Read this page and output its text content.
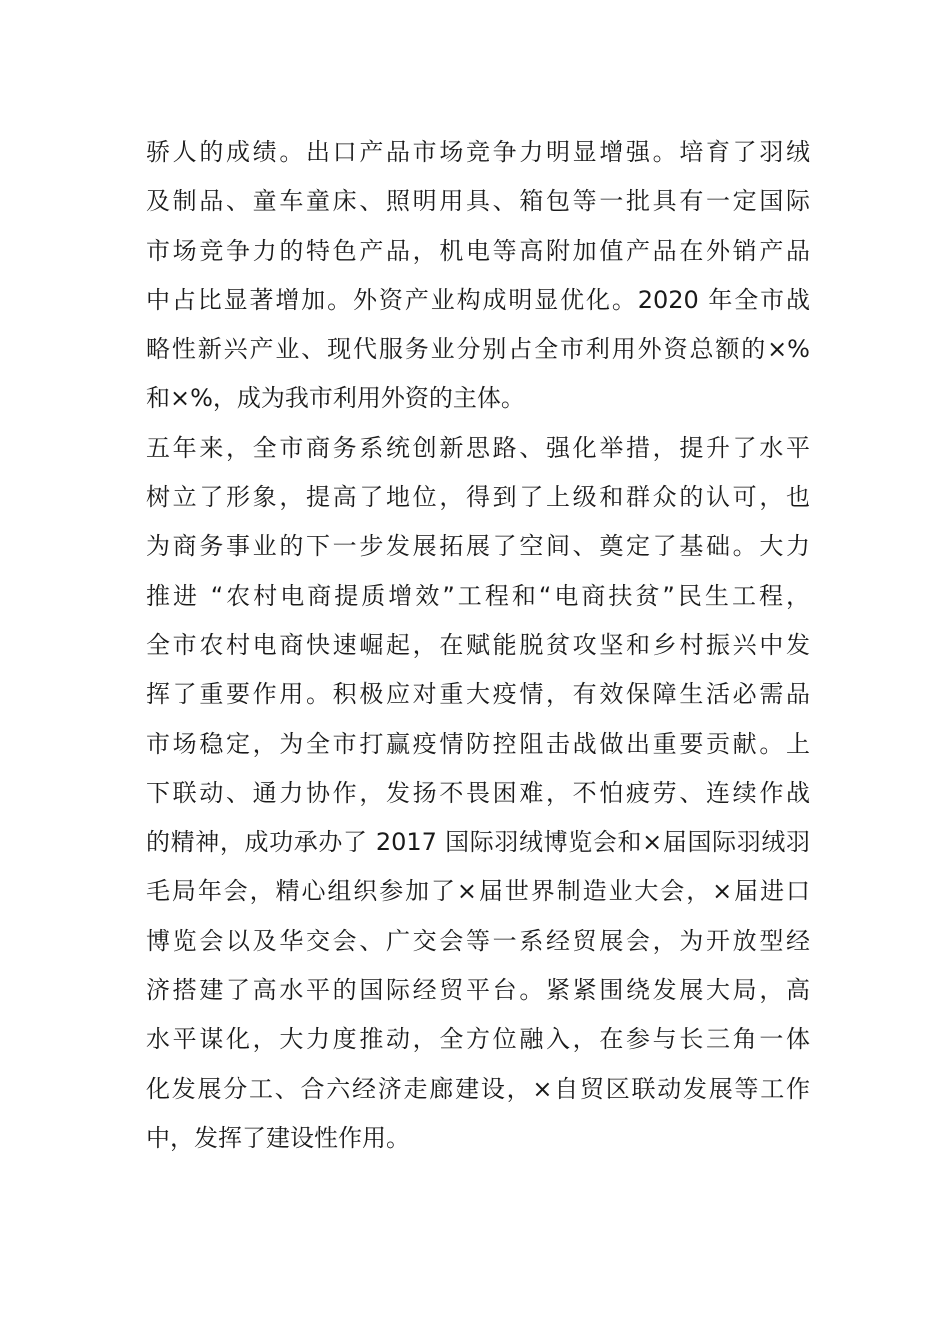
骄人的成绩。出口产品市场竞争力明显增强。培育了羽绒
及制品、童车童床、照明用具、箱包等一批具有一定国际
市场竞争力的特色产品，机电等高附加值产品在外销产品
中占比显著增加。外资产业构成明显优化。2020 年全市战
略性新兴产业、现代服务业分别占全市利用外资总额的×%
和×%，成为我市利用外资的主体。
五年来，全市商务系统创新思路、强化举措，提升了水平
树立了形象，提高了地位，得到了上级和群众的认可，也
为商务事业的下一步发展拓展了空间、奠定了基础。大力
推进 “农村电商提质增效”工程和“电商扶贫”民生工程，
全市农村电商快速崛起，在赋能脱贫攻坚和乡村振兴中发
挥了重要作用。积极应对重大疫情，有效保障生活必需品
市场稳定，为全市打赢疫情防控阻击战做出重要贡献。上
下联动、通力协作，发扬不畏困难，不怕疲劳、连续作战
的精神，成功承办了 2017 国际羽绒博览会和×届国际羽绒羽
毛局年会，精心组织参加了×届世界制造业大会，×届进口
博览会以及华交会、广交会等一系经贸展会，为开放型经
济搭建了高水平的国际经贸平台。紧紧围绕发展大局，高
水平谋化，大力度推动，全方位融入，在参与长三角一体
化发展分工、合六经济走廊建设，×自贸区联动发展等工作
中，发挥了建设性作用。
